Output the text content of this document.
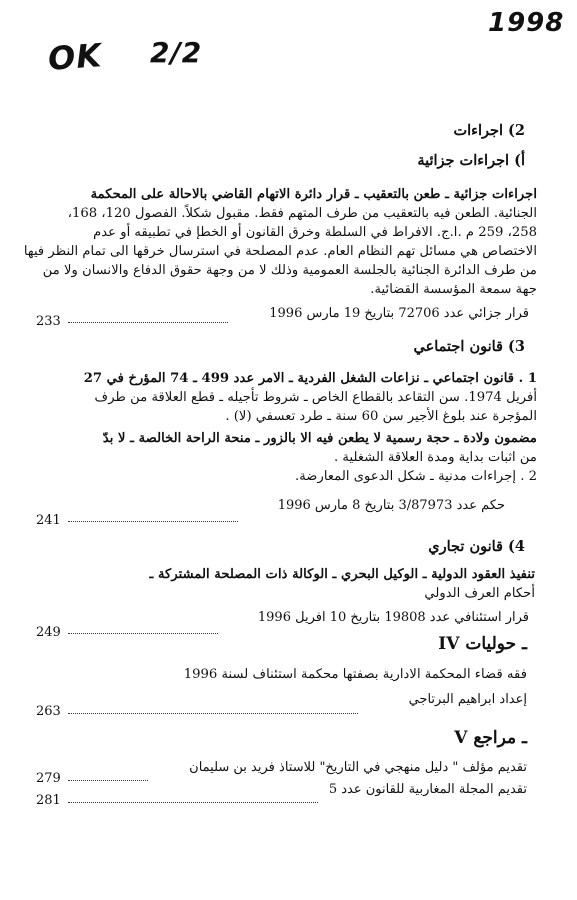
1998
OK 2/2
2) اجراءات
أ) اجراءات جزائية
اجراءات جزائية ـ طعن بالتعقيب ـ قرار دائرة الاتهام القاضي بالاحالة على المحكمة
الجنائية. الطعن فيه بالتعقيب من طرف المتهم فقط. مقبول شكلاً. الفصول 120، 168،
258، 259 م .ا.ج. الافراط في السلطة وخرق القانون أو الخطإ في تطبيقه أو عدم
الاختصاص هي مسائل تهم النظام العام. عدم المصلحة في استرسال خرقها الى تمام النظر فيها
من طرف الدائرة الجنائية بالجلسة العمومية وذلك لا من وجهة حقوق الدفاع والانسان ولا من
جهة سمعة المؤسسة القضائية.
قرار جزائي عدد 72706 بتاريخ 19 مارس 1996
233
3) قانون اجتماعي
1 . قانون اجتماعي ـ نزاعات الشغل الفردية ـ الامر عدد 499 ـ 74 المؤرخ في 27
أفريل 1974. سن التقاعد بالقطاع الخاص ـ شروط تأجيله ـ قطع العلاقة من طرف
المؤجرة عند بلوغ الأجير سن 60 سنة ـ طرد تعسفي (لا) .
مضمون ولادة ـ حجة رسمية لا يطعن فيه الا بالزور ـ منحة الراحة الخالصة ـ لا بدّ
من اثبات بداية ومدة العلاقة الشغلية .
2 . إجراءات مدنية ـ شكل الدعوى المعارضة.
حكم عدد 3/87973 بتاريخ 8 مارس 1996
241
4) قانون تجاري
تنفيذ العقود الدولية ـ الوكيل البحري ـ الوكالة ذات المصلحة المشتركة ـ
أحكام العرف الدولي
قرار استئنافي عدد 19808 بتاريخ 10 افريل 1996
249
IV ـ حوليات
فقه قضاء المحكمة الادارية بصفتها محكمة استئناف لسنة 1996
إعداد ابراهيم البرتاجي
263
V ـ مراجع
تقديم مؤلف " دليل منهجي في التاريخ" للاستاذ فريد بن سليمان
279
تقديم المجلة المغاربية للقانون عدد 5
281
